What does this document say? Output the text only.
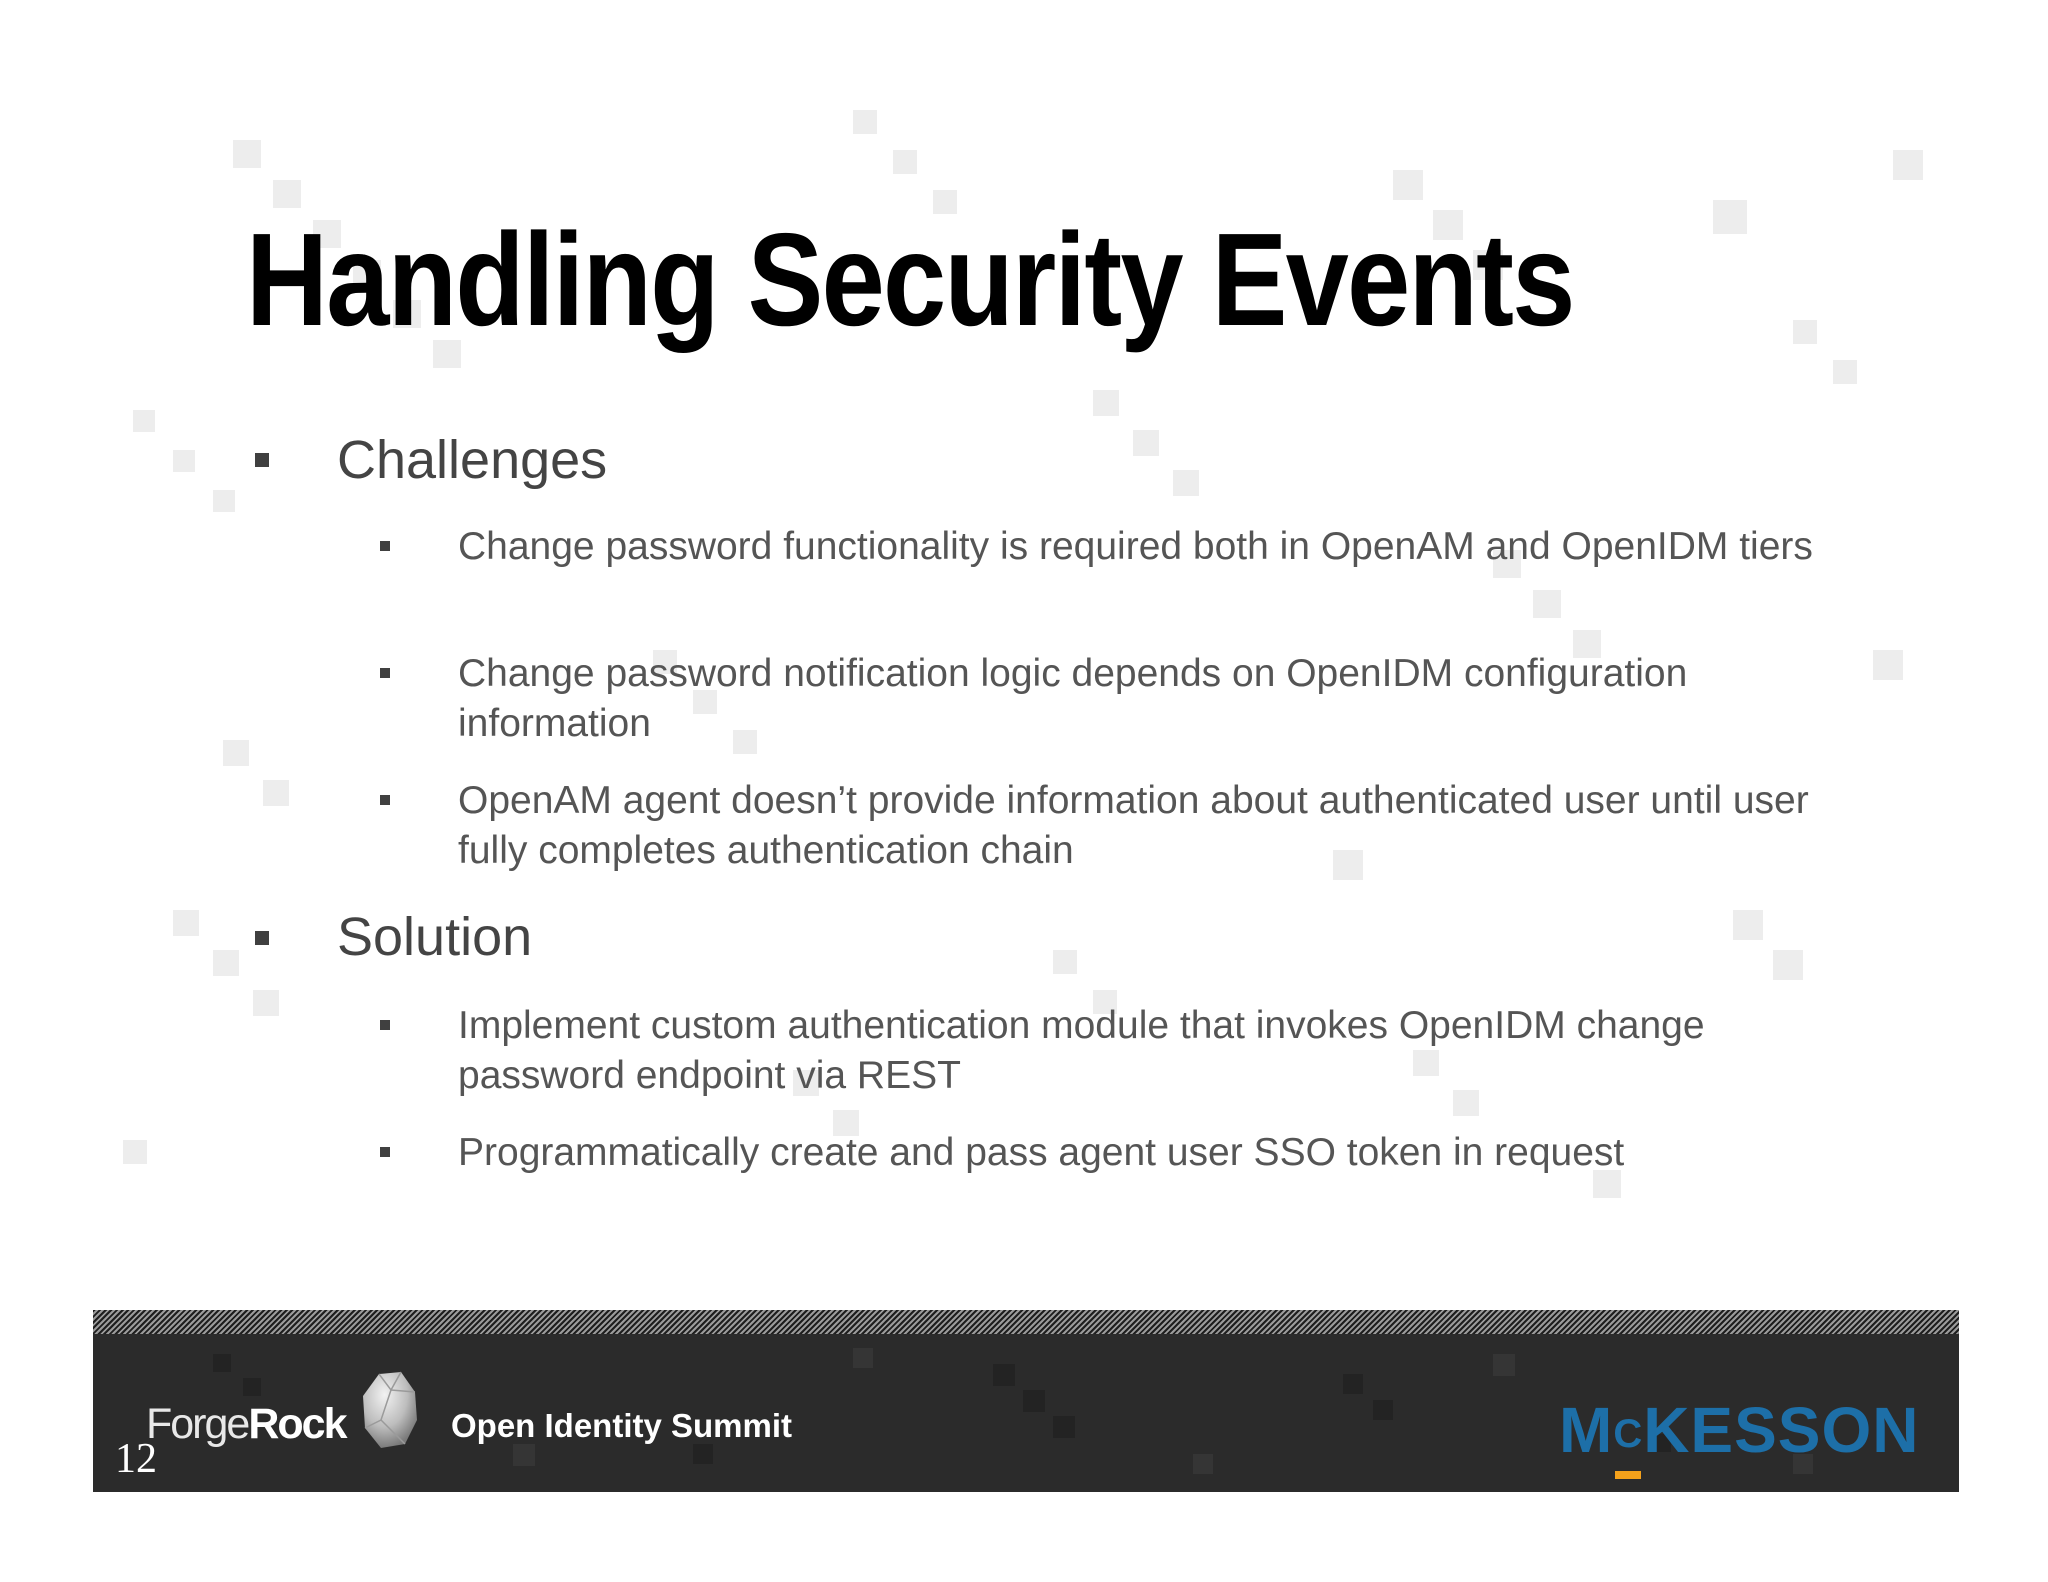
Handling Security Events
Challenges
Change password functionality is required both in OpenAM and OpenIDM tiers
Change password notification logic depends on OpenIDM configuration information
OpenAM agent doesn’t provide information about authenticated user until user fully completes authentication chain
Solution
Implement custom authentication module that invokes OpenIDM change password endpoint via REST
Programmatically create and pass agent user SSO token in request
ForgeRock	Open Identity Summit	MCKESSON
12
